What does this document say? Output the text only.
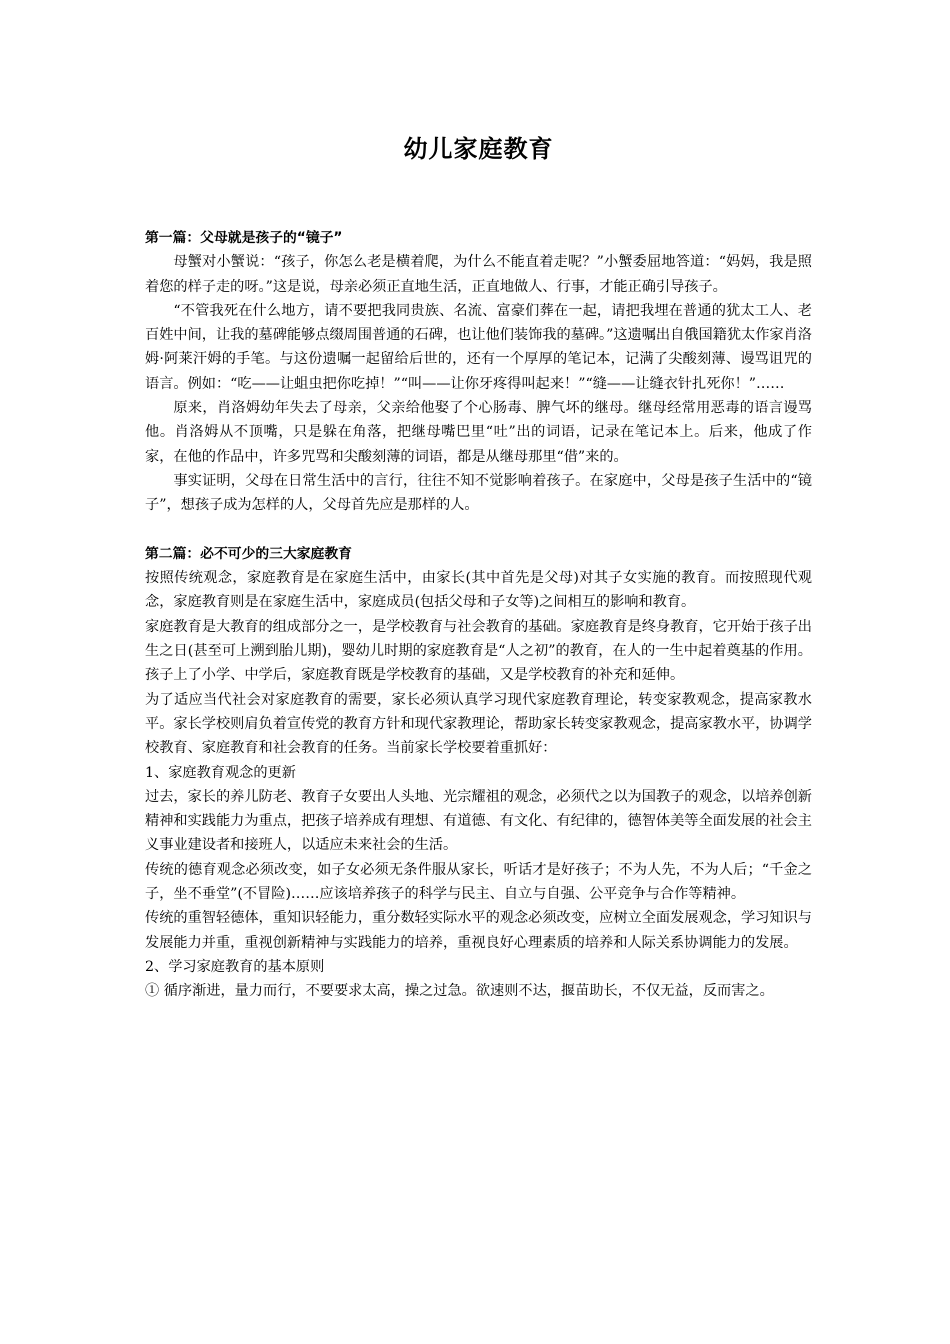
幼儿家庭教育

第一篇：父母就是孩子的“镜子”

母蟹对小蟹说：“孩子，你怎么老是横着爬，为什么不能直着走呢？”小蟹委屈地答道：“妈妈，我是照着您的样子走的呀。”这是说，母亲必须正直地生活，正直地做人、行事，才能正确引导孩子。

“不管我死在什么地方，请不要把我同贵族、名流、富豪们葬在一起，请把我埋在普通的犹太工人、老百姓中间，让我的墓碑能够点缀周围普通的石碑，也让他们装饰我的墓碑。”这遗嘱出自俄国籍犹太作家肖洛姆·阿莱汗姆的手笔。与这份遗嘱一起留给后世的，还有一个厚厚的笔记本，记满了尖酸刻薄、谩骂诅咒的语言。例如：“吃——让蛆虫把你吃掉！”“叫——让你牙疼得叫起来！”“缝——让缝衣针扎死你！”……

原来，肖洛姆幼年失去了母亲，父亲给他娶了个心肠毒、脾气坏的继母。继母经常用恶毒的语言谩骂他。肖洛姆从不顶嘴，只是躲在角落，把继母嘴巴里“吐”出的词语，记录在笔记本上。后来，他成了作家，在他的作品中，许多咒骂和尖酸刻薄的词语，都是从继母那里“借”来的。

事实证明，父母在日常生活中的言行，往往不知不觉影响着孩子。在家庭中，父母是孩子生活中的“镜子”，想孩子成为怎样的人，父母首先应是那样的人。

第二篇：必不可少的三大家庭教育

按照传统观念，家庭教育是在家庭生活中，由家长(其中首先是父母)对其子女实施的教育。而按照现代观念，家庭教育则是在家庭生活中，家庭成员(包括父母和子女等)之间相互的影响和教育。

家庭教育是大教育的组成部分之一，是学校教育与社会教育的基础。家庭教育是终身教育，它开始于孩子出生之日(甚至可上溯到胎儿期)，婴幼儿时期的家庭教育是“人之初”的教育，在人的一生中起着奠基的作用。孩子上了小学、中学后，家庭教育既是学校教育的基础，又是学校教育的补充和延伸。

为了适应当代社会对家庭教育的需要，家长必须认真学习现代家庭教育理论，转变家教观念，提高家教水平。家长学校则肩负着宣传党的教育方针和现代家教理论，帮助家长转变家教观念，提高家教水平，协调学校教育、家庭教育和社会教育的任务。当前家长学校要着重抓好：

1、家庭教育观念的更新

过去，家长的养儿防老、教育子女要出人头地、光宗耀祖的观念，必须代之以为国教子的观念，以培养创新精神和实践能力为重点，把孩子培养成有理想、有道德、有文化、有纪律的，德智体美等全面发展的社会主义事业建设者和接班人，以适应未来社会的生活。

传统的德育观念必须改变，如子女必须无条件服从家长，听话才是好孩子；不为人先，不为人后；“千金之子，坐不垂堂”(不冒险)……应该培养孩子的科学与民主、自立与自强、公平竞争与合作等精神。

传统的重智轻德体，重知识轻能力，重分数轻实际水平的观念必须改变，应树立全面发展观念，学习知识与发展能力并重，重视创新精神与实践能力的培养，重视良好心理素质的培养和人际关系协调能力的发展。

2、学习家庭教育的基本原则

① 循序渐进，量力而行，不要要求太高，操之过急。欲速则不达，揠苗助长，不仅无益，反而害之。
